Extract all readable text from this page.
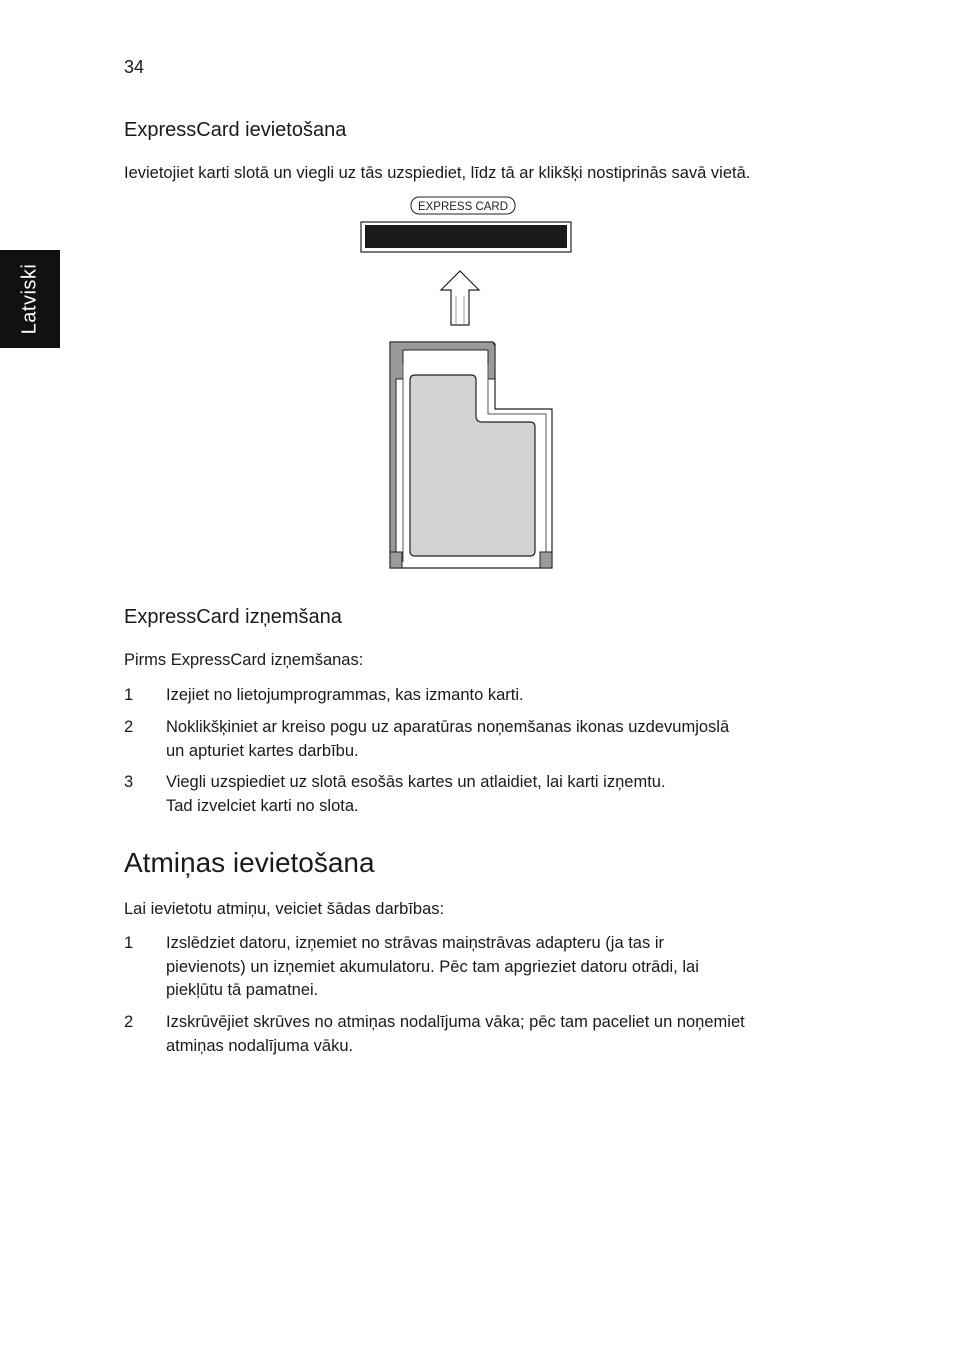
34
Latviski
ExpressCard ievietošana

Ievietojiet karti slotā un viegli uz tās uzspiediet, līdz tā ar klikšķi nostiprinās savā vietā.

EXPRESS CARD
ExpressCard izņemšana

Pirms ExpressCard izņemšanas:

1 Izejiet no lietojumprogrammas, kas izmanto karti.
2 Noklikšķiniet ar kreiso pogu uz aparatūras noņemšanas ikonas uzdevumjoslā
un apturiet kartes darbību.
3 Viegli uzspiediet uz slotā esošās kartes un atlaidiet, lai karti izņemtu.
Tad izvelciet karti no slota.
Atmiņas ievietošana

Lai ievietotu atmiņu, veiciet šādas darbības:

1 Izslēdziet datoru, izņemiet no strāvas maiņstrāvas adapteru (ja tas ir
pievienots) un izņemiet akumulatoru. Pēc tam apgrieziet datoru otrādi, lai
piekļūtu tā pamatnei.
2 Izskrūvējiet skrūves no atmiņas nodalījuma vāka; pēc tam paceliet un noņemiet
atmiņas nodalījuma vāku.
